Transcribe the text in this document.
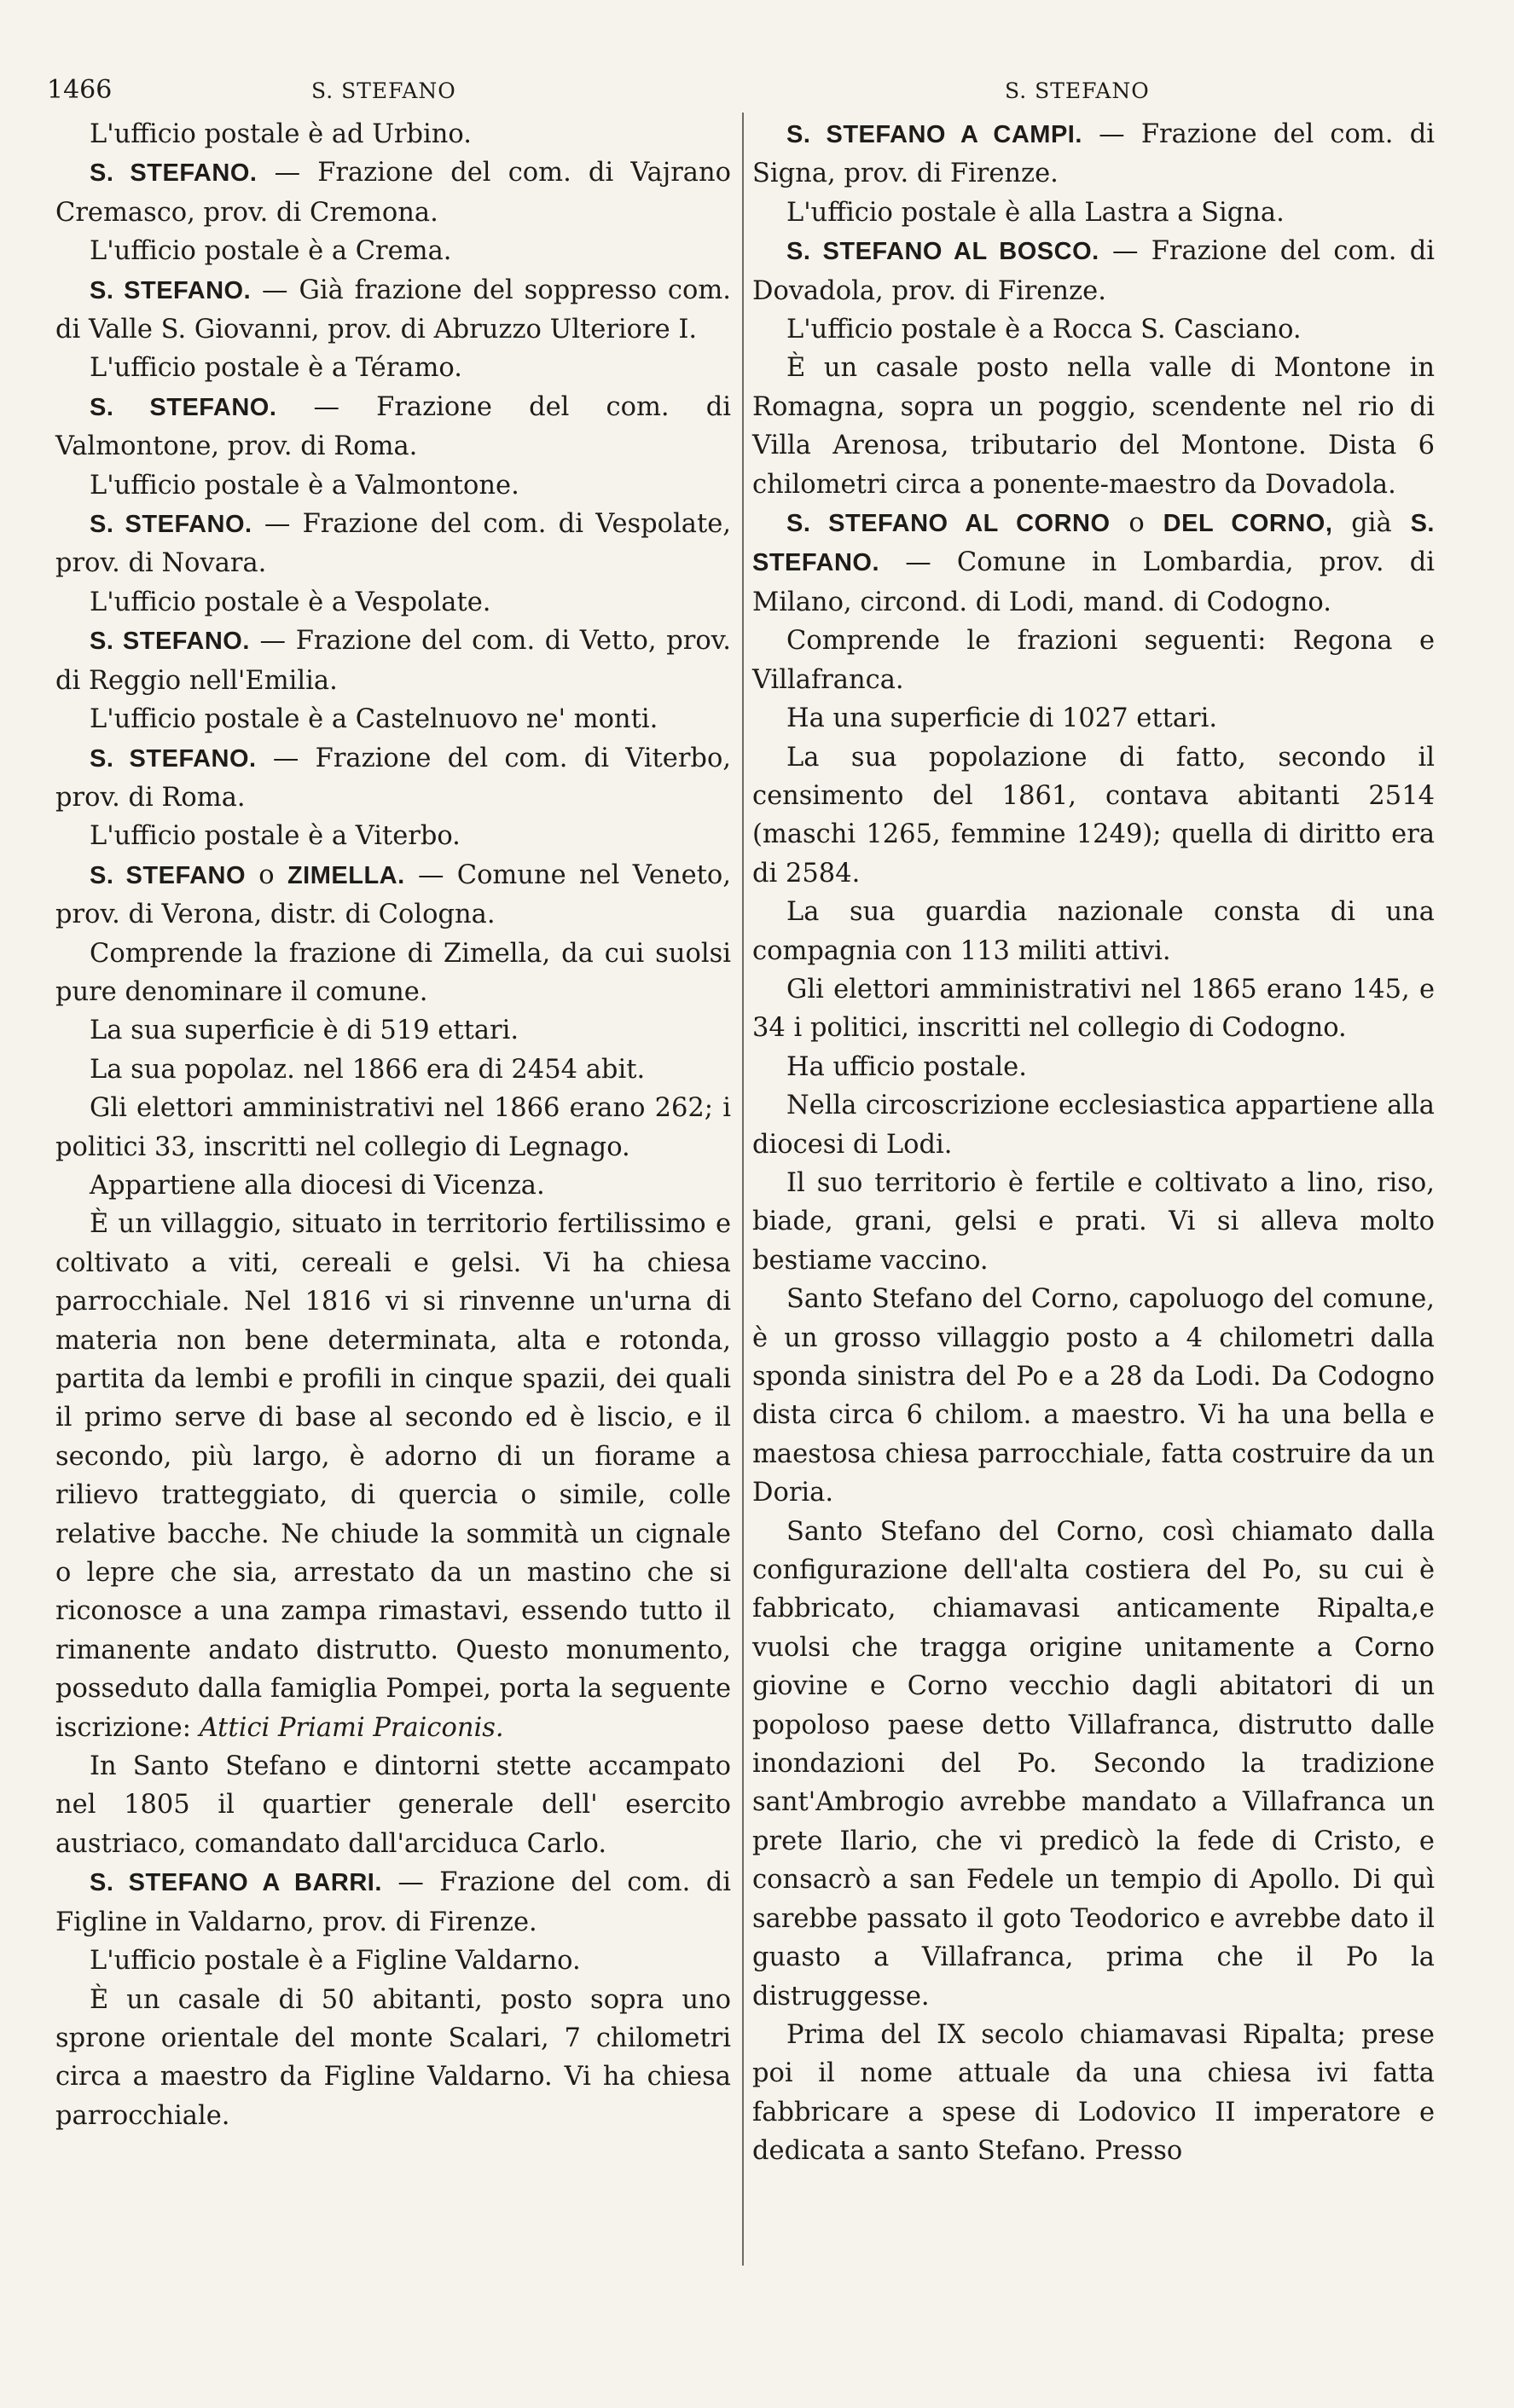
1466	S. STEFANO	S. STEFANO

L'ufficio postale è ad Urbino.

S. STEFANO. — Frazione del com. di Vajrano Cremasco, prov. di Cremona.

L'ufficio postale è a Crema.

S. STEFANO. — Già frazione del soppresso com. di Valle S. Giovanni, prov. di Abruzzo Ulteriore I.

L'ufficio postale è a Téramo.

S. STEFANO. — Frazione del com. di Valmontone, prov. di Roma.

L'ufficio postale è a Valmontone.

S. STEFANO. — Frazione del com. di Vespolate, prov. di Novara.

L'ufficio postale è a Vespolate.

S. STEFANO. — Frazione del com. di Vetto, prov. di Reggio nell'Emilia.

L'ufficio postale è a Castelnuovo ne' monti.

S. STEFANO. — Frazione del com. di Viterbo, prov. di Roma.

L'ufficio postale è a Viterbo.

S. STEFANO o ZIMELLA. — Comune nel Veneto, prov. di Verona, distr. di Cologna.

Comprende la frazione di Zimella, da cui suolsi pure denominare il comune.

La sua superficie è di 519 ettari.

La sua popolaz. nel 1866 era di 2454 abit.

Gli elettori amministrativi nel 1866 erano 262; i politici 33, inscritti nel collegio di Legnago.

Appartiene alla diocesi di Vicenza.

È un villaggio, situato in territorio fertilissimo e coltivato a viti, cereali e gelsi. Vi ha chiesa parrocchiale. Nel 1816 vi si rinvenne un'urna di materia non bene determinata, alta e rotonda, partita da lembi e profili in cinque spazii, dei quali il primo serve di base al secondo ed è liscio, e il secondo, più largo, è adorno di un fiorame a rilievo tratteggiato, di quercia o simile, colle relative bacche. Ne chiude la sommità un cignale o lepre che sia, arrestato da un mastino che si riconosce a una zampa rimastavi, essendo tutto il rimanente andato distrutto. Questo monumento, posseduto dalla famiglia Pompei, porta la seguente iscrizione: Attici Priami Praiconis.

In Santo Stefano e dintorni stette accampato nel 1805 il quartier generale dell' esercito austriaco, comandato dall'arciduca Carlo.

S. STEFANO A BARRI. — Frazione del com. di Figline in Valdarno, prov. di Firenze.

L'ufficio postale è a Figline Valdarno.

È un casale di 50 abitanti, posto sopra uno sprone orientale del monte Scalari, 7 chilometri circa a maestro da Figline Valdarno. Vi ha chiesa parrocchiale.

S. STEFANO A CAMPI. — Frazione del com. di Signa, prov. di Firenze.

L'ufficio postale è alla Lastra a Signa.

S. STEFANO AL BOSCO. — Frazione del com. di Dovadola, prov. di Firenze.

L'ufficio postale è a Rocca S. Casciano.

È un casale posto nella valle di Montone in Romagna, sopra un poggio, scendente nel rio di Villa Arenosa, tributario del Montone. Dista 6 chilometri circa a ponente-maestro da Dovadola.

S. STEFANO AL CORNO o DEL CORNO, già S. STEFANO. — Comune in Lombardia, prov. di Milano, circond. di Lodi, mand. di Codogno.

Comprende le frazioni seguenti: Regona e Villafranca.

Ha una superficie di 1027 ettari.

La sua popolazione di fatto, secondo il censimento del 1861, contava abitanti 2514 (maschi 1265, femmine 1249); quella di diritto era di 2584.

La sua guardia nazionale consta di una compagnia con 113 militi attivi.

Gli elettori amministrativi nel 1865 erano 145, e 34 i politici, inscritti nel collegio di Codogno.

Ha ufficio postale.

Nella circoscrizione ecclesiastica appartiene alla diocesi di Lodi.

Il suo territorio è fertile e coltivato a lino, riso, biade, grani, gelsi e prati. Vi si alleva molto bestiame vaccino.

Santo Stefano del Corno, capoluogo del comune, è un grosso villaggio posto a 4 chilometri dalla sponda sinistra del Po e a 28 da Lodi. Da Codogno dista circa 6 chilom. a maestro. Vi ha una bella e maestosa chiesa parrocchiale, fatta costruire da un Doria.

Santo Stefano del Corno, così chiamato dalla configurazione dell'alta costiera del Po, su cui è fabbricato, chiamavasi anticamente Ripalta,e vuolsi che tragga origine unitamente a Corno giovine e Corno vecchio dagli abitatori di un popoloso paese detto Villafranca, distrutto dalle inondazioni del Po. Secondo la tradizione sant'Ambrogio avrebbe mandato a Villafranca un prete Ilario, che vi predicò la fede di Cristo, e consacrò a san Fedele un tempio di Apollo. Di quì sarebbe passato il goto Teodorico e avrebbe dato il guasto a Villafranca, prima che il Po la distruggesse.

Prima del IX secolo chiamavasi Ripalta; prese poi il nome attuale da una chiesa ivi fatta fabbricare a spese di Lodovico II imperatore e dedicata a santo Stefano. Presso
